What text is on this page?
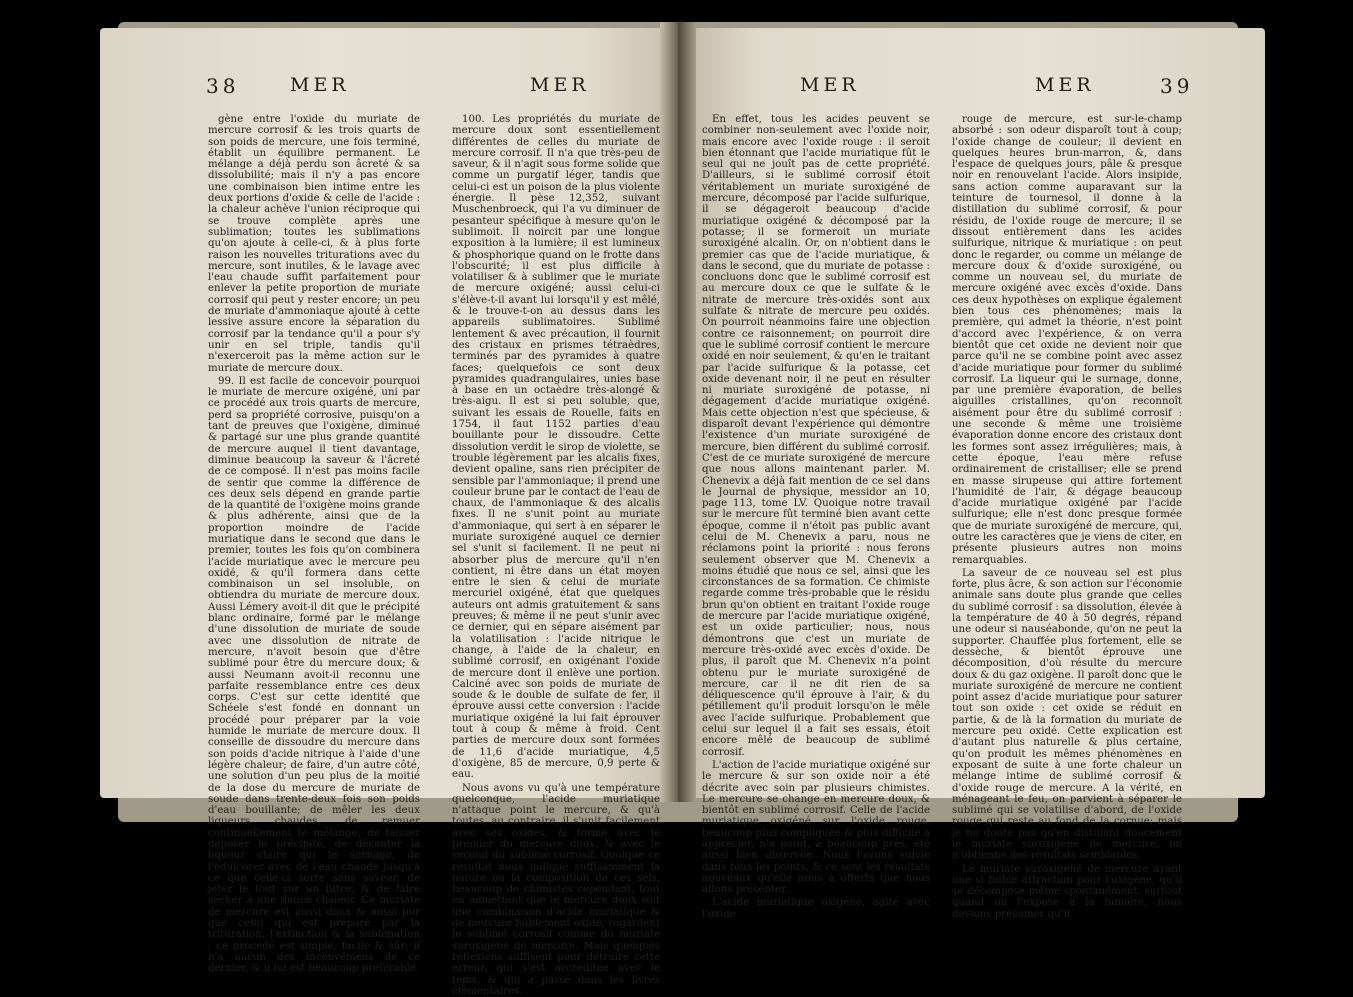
38	MER	MER

gène entre l'oxide du muriate de mercure corrosif & les trois quarts de son poids de mercure, une fois terminé, établit un équilibre permanent. Le mélange a déjà perdu son âcreté & sa dissolubilité; mais il n'y a pas encore une combinaison bien intime entre les deux portions d'oxide & celle de l'acide : la chaleur achève l'union réciproque qui se trouve complète après une sublimation; toutes les sublimations qu'on ajoute à celle-ci, & à plus forte raison les nouvelles triturations avec du mercure, sont inutiles, & le lavage avec l'eau chaude suffit parfaitement pour enlever la petite proportion de muriate corrosif qui peut y rester encore; un peu de muriate d'ammoniaque ajouté à cette lessive assure encore la séparation du corrosif par la tendance qu'il a pour s'y unir en sel triple, tandis qu'il n'exerceroit pas la même action sur le muriate de mercure doux.

99. Il est facile de concevoir pourquoi le muriate de mercure oxigéné, uni par ce procédé aux trois quarts de mercure, perd sa propriété corrosive, puisqu'on a tant de preuves que l'oxigène, diminué & partagé sur une plus grande quantité de mercure auquel il tient davantage, diminue beaucoup la saveur & l'âcreté de ce composé. Il n'est pas moins facile de sentir que comme la différence de ces deux sels dépend en grande partie de la quantité de l'oxigène moins grande & plus adhérente, ainsi que de la proportion moindre de l'acide muriatique dans le second que dans le premier, toutes les fois qu'on combinera l'acide muriatique avec le mercure peu oxidé, & qu'il formera dans cette combinaison un sel insoluble, on obtiendra du muriate de mercure doux. Aussi Lémery avoit-il dit que le précipité blanc ordinaire, formé par le mélange d'une dissolution de muriate de soude avec une dissolution de nitrate de mercure, n'avoit besoin que d'être sublimé pour être du mercure doux; & aussi Neumann avoit-il reconnu une parfaite ressemblance entre ces deux corps. C'est sur cette identité que Schéele s'est fondé en donnant un procédé pour préparer par la voie humide le muriate de mercure doux. Il conseille de dissoudre du mercure dans son poids d'acide nitrique à l'aide d'une légère chaleur; de faire, d'un autre côté, une solution d'un peu plus de la moitié de la dose du mercure de muriate de soude dans trente-deux fois son poids d'eau bouillante; de mêler les deux liqueurs chaudes, de remuer continuellement le mélange, de laisser déposer le précipité, de décanter la liqueur claire qui le surnage, de l'édulcorer avec de l'eau chaude jusqu'à ce que celle-ci sorte sans saveur, de jeter le tout sur un filtre, & de faire sécher à une douce chaleur. Ce muriate de mercure est aussi doux & aussi pur que celui qui est préparé par la trituration, l'extinction & la sublimation : ce procédé est simple, facile & sûr; il n'a aucun des inconvéniens de ce dernier, & il lui est beaucoup préférable.

100. Les propriétés du muriate de mercure doux sont essentiellement différentes de celles du muriate de mercure corrosif. Il n'a que très-peu de saveur, & il n'agit sous forme solide que comme un purgatif léger, tandis que celui-ci est un poison de la plus violente énergie. Il pèse 12,352, suivant Muschenbroeck, qui l'a vu diminuer de pesanteur spécifique à mesure qu'on le sublimoit. Il noircit par une longue exposition à la lumière; il est lumineux & phosphorique quand on le frotte dans l'obscurité; il est plus difficile à volatiliser & à sublimer que le muriate de mercure oxigéné; aussi celui-ci s'élève-t-il avant lui lorsqu'il y est mêlé, & le trouve-t-on au dessus dans les appareils sublimatoires. Sublimé lentement & avec précaution, il fournit des cristaux en prismes tétraèdres, terminés par des pyramides à quatre faces; quelquefois ce sont deux pyramides quadrangulaires, unies base à base en un octaèdre très-alongé & très-aigu. Il est si peu soluble, que, suivant les essais de Rouelle, faits en 1754, il faut 1152 parties d'eau bouillante pour le dissoudre. Cette dissolution verdit le sirop de violette, se trouble légèrement par les alcalis fixes, devient opaline, sans rien précipiter de sensible par l'ammoniaque; il prend une couleur brune par le contact de l'eau de chaux, de l'ammoniaque & des alcalis fixes. Il ne s'unit point au muriate d'ammoniaque, qui sert à en séparer le muriate suroxigéné auquel ce dernier sel s'unit si facilement. Il ne peut ni absorber plus de mercure qu'il n'en contient, ni être dans un état moyen entre le sien & celui de muriate mercuriel oxigéné, état que quelques auteurs ont admis gratuitement & sans preuves; & même il ne peut s'unir avec ce dernier, qui en sépare aisément par la volatilisation : l'acide nitrique le change, à l'aide de la chaleur, en sublimé corrosif, en oxigénant l'oxide de mercure dont il enlève une portion. Calciné avec son poids de muriate de soude & le double de sulfate de fer, il éprouve aussi cette conversion : l'acide muriatique oxigéné la lui fait éprouver tout à coup & même à froid. Cent parties de mercure doux sont formées de 11,6 d'acide muriatique, 4,5 d'oxigène, 85 de mercure, 0,9 perte & eau.

Nous avons vu qu'à une température quelconque, l'acide muriatique n'attaque point le mercure, & qu'à toutes, au contraire, il s'unit facilement avec ses oxides, & forme avec le premier du mercure doux, & avec le second du sublimé corrosif. Quoique ce résultat nous indique suffisamment la nature ou la composition de ces sels, beaucoup de chimistes cependant, tout en admettant que le mercure doux soit une combinaison d'acide muriatique & de mercure foiblement oxidé, regardent le sublimé corrosif comme du muriate suroxigéné de mercure. Mais quelques réflexions suffisent pour détruire cette erreur, qui s'est accréditée avec le tems, & qui a passé dans les livres élémentaires.

MER	MER	39

En effet, tous les acides peuvent se combiner non-seulement avec l'oxide noir, mais encore avec l'oxide rouge : il seroit bien étonnant que l'acide muriatique fût le seul qui ne jouît pas de cette propriété. D'ailleurs, si le sublimé corrosif étoit véritablement un muriate suroxigéné de mercure, décomposé par l'acide sulfurique, il se dégageroit beaucoup d'acide muriatique oxigéné & décomposé par la potasse; il se formeroit un muriate suroxigéné alcalin. Or, on n'obtient dans le premier cas que de l'acide muriatique, & dans le second, que du muriate de potasse : concluons donc que le sublimé corrosif est au mercure doux ce que le sulfate & le nitrate de mercure très-oxidés sont aux sulfate & nitrate de mercure peu oxidés. On pourroit néanmoins faire une objection contre ce raisonnement; on pourroit dire que le sublimé corrosif contient le mercure oxidé en noir seulement, & qu'en le traitant par l'acide sulfurique & la potasse, cet oxide devenant noir, il ne peut en résulter ni muriate suroxigéné de potasse, ni dégagement d'acide muriatique oxigéné. Mais cette objection n'est que spécieuse, & disparoît devant l'expérience qui démontre l'existence d'un muriate suroxigéné de mercure, bien différent du sublimé corrosif. C'est de ce muriate suroxigéné de mercure que nous allons maintenant parler. M. Chenevix a déjà fait mention de ce sel dans le Journal de physique, messidor an 10, page 113, tome LV. Quoique notre travail sur le mercure fût terminé bien avant cette époque, comme il n'étoit pas public avant celui de M. Chenevix a paru, nous ne réclamons point la priorité : nous ferons seulement observer que M. Chenevix a moins étudié que nous ce sel, ainsi que les circonstances de sa formation. Ce chimiste regarde comme très-probable que le résidu brun qu'on obtient en traitant l'oxide rouge de mercure par l'acide muriatique oxigéné, est un oxide particulier; nous, nous démontrons que c'est un muriate de mercure très-oxidé avec excès d'oxide. De plus, il paroît que M. Chenevix n'a point obtenu pur le muriate suroxigéné de mercure, car il ne dit rien de sa déliquescence qu'il éprouve à l'air, & du pétillement qu'il produit lorsqu'on le mêle avec l'acide sulfurique. Probablement que celui sur lequel il a fait ses essais, étoit encore mêlé de beaucoup de sublimé corrosif.

L'action de l'acide muriatique oxigéné sur le mercure & sur son oxide noir a été décrite avec soin par plusieurs chimistes. Le mercure se change en mercure doux, & bientôt en sublimé corrosif. Celle de l'acide muriatique oxigéné sur l'oxide rouge, beaucoup plus compliquée & plus difficile à apprécier, n'a point, à beaucoup près, été aussi bien observée. Nous l'avons suivie dans tous les points, & ce sont les résultats nouveaux qu'elle nous a offerts que nous allons présenter.

L'acide muriatique oxigéné, agité avec l'oxide

rouge de mercure, est sur-le-champ absorbé : son odeur disparoît tout à coup; l'oxide change de couleur; il devient en quelques heures brun-marron, &, dans l'espace de quelques jours, pâle & presque noir en renouvelant l'acide. Alors insipide, sans action comme auparavant sur la teinture de tournesol, il donne à la distillation du sublimé corrosif, & pour résidu, de l'oxide rouge de mercure; il se dissout entièrement dans les acides sulfurique, nitrique & muriatique : on peut donc le regarder, ou comme un mélange de mercure doux & d'oxide suroxigéné, ou comme un nouveau sel, du muriate de mercure oxigéné avec excès d'oxide. Dans ces deux hypothèses on explique également bien tous ces phénomènes; mais la première, qui admet la théorie, n'est point d'accord avec l'expérience, & on verra bientôt que cet oxide ne devient noir que parce qu'il ne se combine point avec assez d'acide muriatique pour former du sublimé corrosif. La liqueur qui le surnage, donne, par une première évaporation, de belles aiguilles cristallines, qu'on reconnoît aisément pour être du sublimé corrosif : une seconde & même une troisième évaporation donne encore des cristaux dont les formes sont assez irrégulières; mais, à cette époque, l'eau mère refuse ordinairement de cristalliser; elle se prend en masse sirupeuse qui attire fortement l'humidité de l'air, & dégage beaucoup d'acide muriatique oxigéné par l'acide sulfurique; elle n'est donc presque formée que de muriate suroxigéné de mercure, qui, outre les caractères que je viens de citer, en présente plusieurs autres non moins remarquables.

La saveur de ce nouveau sel est plus forte, plus âcre, & son action sur l'économie animale sans doute plus grande que celles du sublimé corrosif : sa dissolution, élevée à la température de 40 à 50 degrés, répand une odeur si nauséabonde, qu'on ne peut la supporter. Chauffée plus fortement, elle se dessèche, & bientôt éprouve une décomposition, d'où résulte du mercure doux & du gaz oxigène. Il paroît donc que le muriate suroxigéné de mercure ne contient point assez d'acide muriatique pour saturer tout son oxide : cet oxide se réduit en partie, & de là la formation du muriate de mercure peu oxidé. Cette explication est d'autant plus naturelle & plus certaine, qu'on produit les mêmes phénomènes en exposant de suite à une forte chaleur un mélange intime de sublimé corrosif & d'oxide rouge de mercure. A la vérité, en ménageant le feu, on parvient à séparer le sublimé qui se volatilise d'abord, de l'oxide rouge qui reste au fond de la cornue; mais je ne doute pas qu'en distillant doucement le muriate suroxigéné de mercure, on n'obtienne des résultats semblables.

Le muriate suroxigéné de mercure ayant une si foible attraction pour l'oxigène, qu'il se décompose même spontanément, surtout quand on l'expose à la lumière, nous devions présumer qu'il
